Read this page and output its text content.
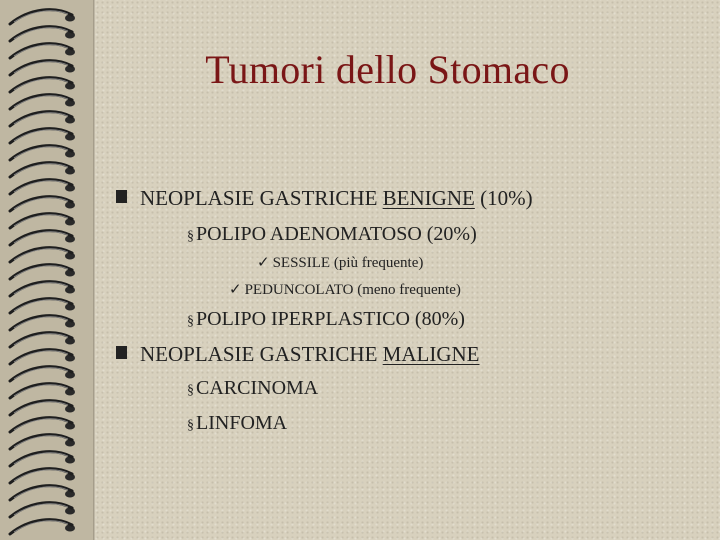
Tumori dello Stomaco
NEOPLASIE GASTRICHE BENIGNE (10%)
§ POLIPO ADENOMATOSO (20%)
✓ SESSILE (più frequente)
✓ PEDUNCOLATO (meno frequente)
§ POLIPO IPERPLASTICO (80%)
NEOPLASIE GASTRICHE MALIGNE
§ CARCINOMA
§ LINFOMA
